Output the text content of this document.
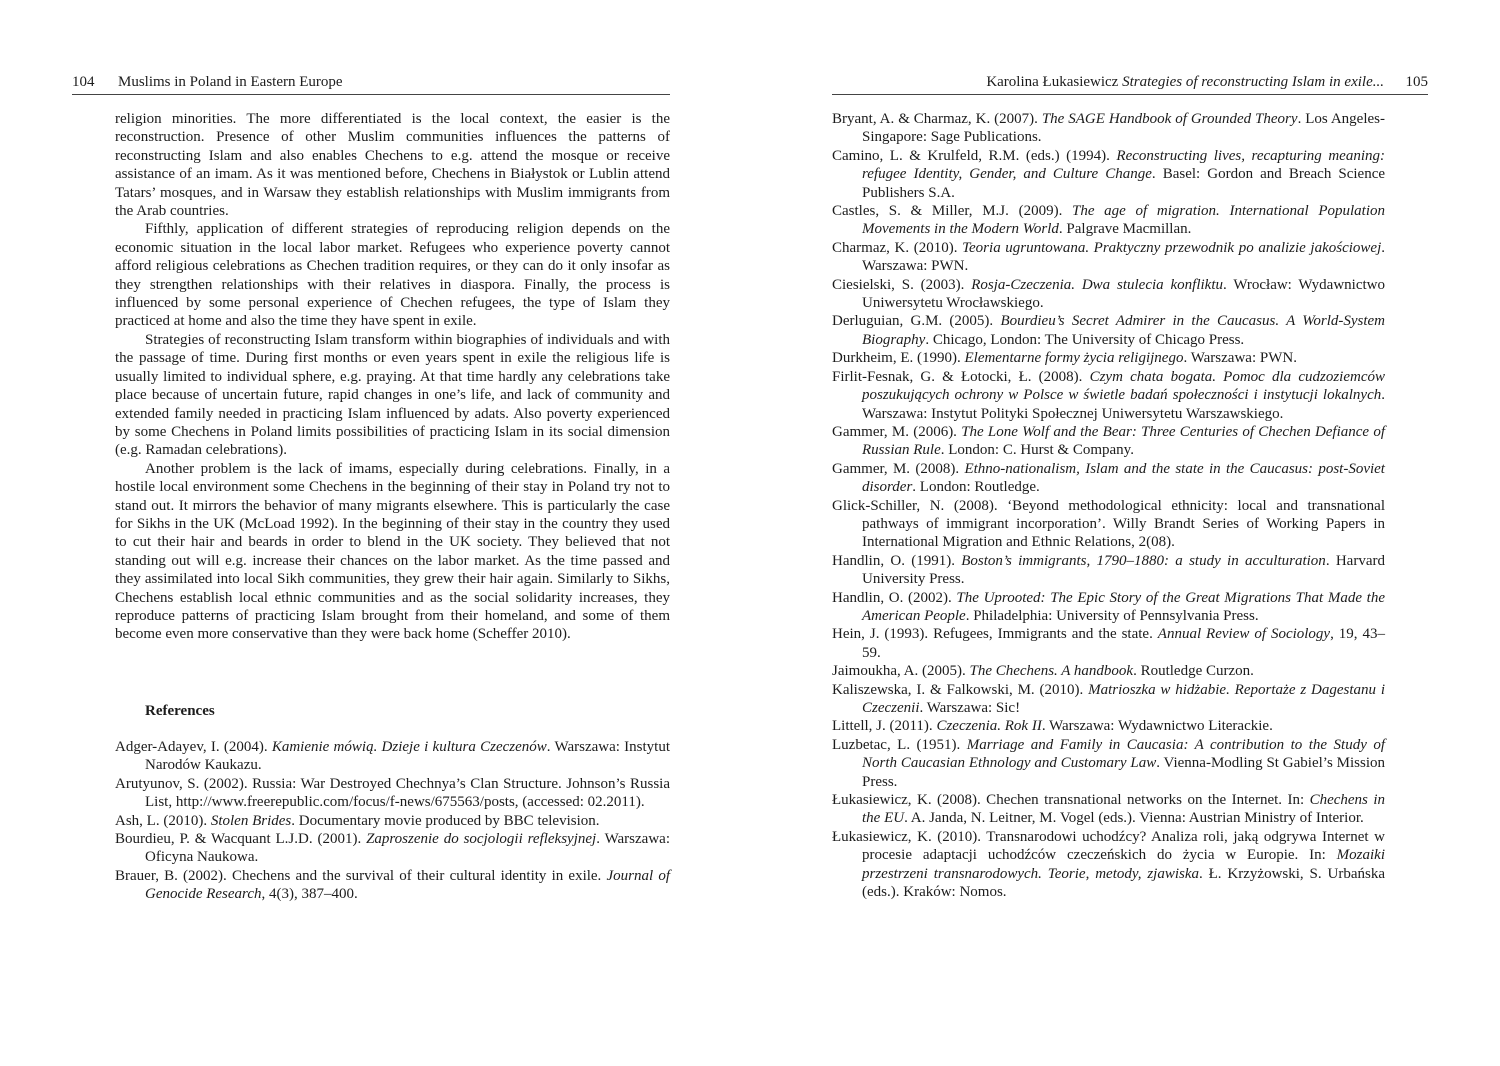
104 Muslims in Poland in Eastern Europe

religion minorities. The more differentiated is the local context, the easier is the reconstruction. Presence of other Muslim communities influences the patterns of reconstructing Islam and also enables Chechens to e.g. attend the mosque or receive assistance of an imam. As it was mentioned before, Chechens in Białystok or Lublin attend Tatars’ mosques, and in Warsaw they establish relationships with Muslim immigrants from the Arab countries.

Fifthly, application of different strategies of reproducing religion depends on the economic situation in the local labor market. Refugees who experience poverty cannot afford religious celebrations as Chechen tradition requires, or they can do it only insofar as they strengthen relationships with their relatives in diaspora. Finally, the process is influenced by some personal experience of Chechen refugees, the type of Islam they practiced at home and also the time they have spent in exile.

Strategies of reconstructing Islam transform within biographies of individuals and with the passage of time. During first months or even years spent in exile the religious life is usually limited to individual sphere, e.g. praying. At that time hardly any celebrations take place because of uncertain future, rapid changes in one’s life, and lack of community and extended family needed in practicing Islam influenced by adats. Also poverty experienced by some Chechens in Poland limits possibilities of practicing Islam in its social dimension (e.g. Ramadan celebrations).

Another problem is the lack of imams, especially during celebrations. Finally, in a hostile local environment some Chechens in the beginning of their stay in Poland try not to stand out. It mirrors the behavior of many migrants elsewhere. This is particularly the case for Sikhs in the UK (McLoad 1992). In the beginning of their stay in the country they used to cut their hair and beards in order to blend in the UK society. They believed that not standing out will e.g. increase their chances on the labor market. As the time passed and they assimilated into local Sikh communities, they grew their hair again. Similarly to Sikhs, Chechens establish local ethnic communities and as the social solidarity increases, they reproduce patterns of practicing Islam brought from their homeland, and some of them become even more conservative than they were back home (Scheffer 2010).

References

Adger-Adayev, I. (2004). Kamienie mówią. Dzieje i kultura Czeczenów. Warszawa: Instytut Narodów Kaukazu.

Arutyunov, S. (2002). Russia: War Destroyed Chechnya’s Clan Structure. Johnson’s Russia List, http://www.freerepublic.com/focus/f-news/675563/posts, (accessed: 02.2011).

Ash, L. (2010). Stolen Brides. Documentary movie produced by BBC television.

Bourdieu, P. & Wacquant L.J.D. (2001). Zaproszenie do socjologii refleksyjnej. Warszawa: Oficyna Naukowa.

Brauer, B. (2002). Chechens and the survival of their cultural identity in exile. Journal of Genocide Research, 4(3), 387–400.

Karolina Łukasiewicz Strategies of reconstructing Islam in exile... 105

Bryant, A. & Charmaz, K. (2007). The SAGE Handbook of Grounded Theory. Los Angeles-Singapore: Sage Publications.

Camino, L. & Krulfeld, R.M. (eds.) (1994). Reconstructing lives, recapturing meaning: refugee Identity, Gender, and Culture Change. Basel: Gordon and Breach Science Publishers S.A.

Castles, S. & Miller, M.J. (2009). The age of migration. International Population Movements in the Modern World. Palgrave Macmillan.

Charmaz, K. (2010). Teoria ugruntowana. Praktyczny przewodnik po analizie jakościowej. Warszawa: PWN.

Ciesielski, S. (2003). Rosja-Czeczenia. Dwa stulecia konfliktu. Wrocław: Wydawnictwo Uniwersytetu Wrocławskiego.

Derluguian, G.M. (2005). Bourdieu’s Secret Admirer in the Caucasus. A World-System Biography. Chicago, London: The University of Chicago Press.

Durkheim, E. (1990). Elementarne formy życia religijnego. Warszawa: PWN.

Firlit-Fesnak, G. & Łotocki, Ł. (2008). Czym chata bogata. Pomoc dla cudzoziemców poszukujących ochrony w Polsce w świetle badań społeczności i instytucji lokalnych. Warszawa: Instytut Polityki Społecznej Uniwersytetu Warszawskiego.

Gammer, M. (2006). The Lone Wolf and the Bear: Three Centuries of Chechen Defiance of Russian Rule. London: C. Hurst & Company.

Gammer, M. (2008). Ethno-nationalism, Islam and the state in the Caucasus: post-Soviet disorder. London: Routledge.

Glick-Schiller, N. (2008). ‘Beyond methodological ethnicity: local and transnational pathways of immigrant incorporation’. Willy Brandt Series of Working Papers in International Migration and Ethnic Relations, 2(08).

Handlin, O. (1991). Boston’s immigrants, 1790–1880: a study in acculturation. Harvard University Press.

Handlin, O. (2002). The Uprooted: The Epic Story of the Great Migrations That Made the American People. Philadelphia: University of Pennsylvania Press.

Hein, J. (1993). Refugees, Immigrants and the state. Annual Review of Sociology, 19, 43–59.

Jaimoukha, A. (2005). The Chechens. A handbook. Routledge Curzon.

Kaliszewska, I. & Falkowski, M. (2010). Matrioszka w hidżabie. Reportaże z Dagestanu i Czeczenii. Warszawa: Sic!

Littell, J. (2011). Czeczenia. Rok II. Warszawa: Wydawnictwo Literackie.

Luzbetac, L. (1951). Marriage and Family in Caucasia: A contribution to the Study of North Caucasian Ethnology and Customary Law. Vienna-Modling St Gabiel’s Mission Press.

Łukasiewicz, K. (2008). Chechen transnational networks on the Internet. In: Chechens in the EU. A. Janda, N. Leitner, M. Vogel (eds.). Vienna: Austrian Ministry of Interior.

Łukasiewicz, K. (2010). Transnarodowi uchodźcy? Analiza roli, jaką odgrywa Internet w procesie adaptacji uchodźców czeczeńskich do życia w Europie. In: Mozaiki przestrzeni transnarodowych. Teorie, metody, zjawiska. Ł. Krzyżowski, S. Urbańska (eds.). Kraków: Nomos.
